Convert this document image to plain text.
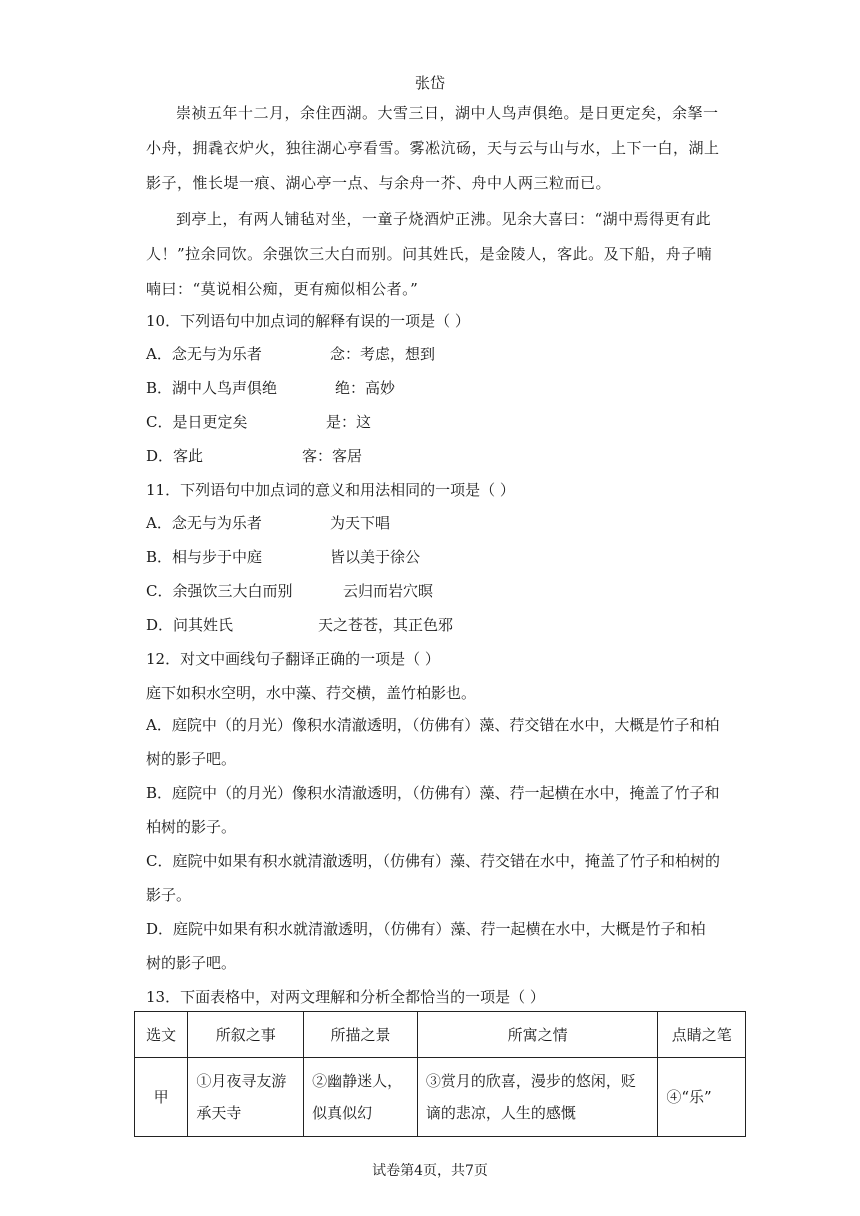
张岱
崇祯五年十二月，余住西湖。大雪三日，湖中人鸟声俱绝。是日更定矣，余拏一小舟，拥毳衣炉火，独往湖心亭看雪。雾凇沆砀，天与云与山与水，上下一白，湖上影子，惟长堤一痕、湖心亭一点、与余舟一芥、舟中人两三粒而已。
到亭上，有两人铺毡对坐，一童子烧酒炉正沸。见余大喜曰：“湖中焉得更有此人！”拉余同饮。余强饮三大白而别。问其姓氏，是金陵人，客此。及下船，舟子喃喃曰：“莫说相公痴，更有痴似相公者。”
10．下列语句中加点词的解释有误的一项是（ ）
A．念无与为乐者	念：考虑，想到
B．湖中人鸟声俱绝	绝：高妙
C．是日更定矣	是：这
D．客此	客：客居
11．下列语句中加点词的意义和用法相同的一项是（ ）
A．念无与为乐者	为天下唱
B．相与步于中庭	皆以美于徐公
C．余强饮三大白而别	云归而岩穴暝
D．问其姓氏	天之苍苍，其正色邪
12．对文中画线句子翻译正确的一项是（ ）
庭下如积水空明，水中藻、荇交横，盖竹柏影也。
A．庭院中（的月光）像积水清澈透明，（仿佛有）藻、荇交错在水中，大概是竹子和柏树的影子吧。
B．庭院中（的月光）像积水清澈透明，（仿佛有）藻、荇一起横在水中，掩盖了竹子和柏树的影子。
C．庭院中如果有积水就清澈透明，（仿佛有）藻、荇交错在水中，掩盖了竹子和柏树的影子。
D．庭院中如果有积水就清澈透明，（仿佛有）藻、荇一起横在水中，大概是竹子和柏树的影子吧。
13．下面表格中，对两文理解和分析全都恰当的一项是（ ）
选文	所叙之事	所描之景	所寓之情	点睛之笔
甲	①月夜寻友游承天寺	②幽静迷人，似真似幻	③赏月的欣喜，漫步的悠闲，贬谪的悲凉，人生的感慨	④“乐”
试卷第4页，共7页
